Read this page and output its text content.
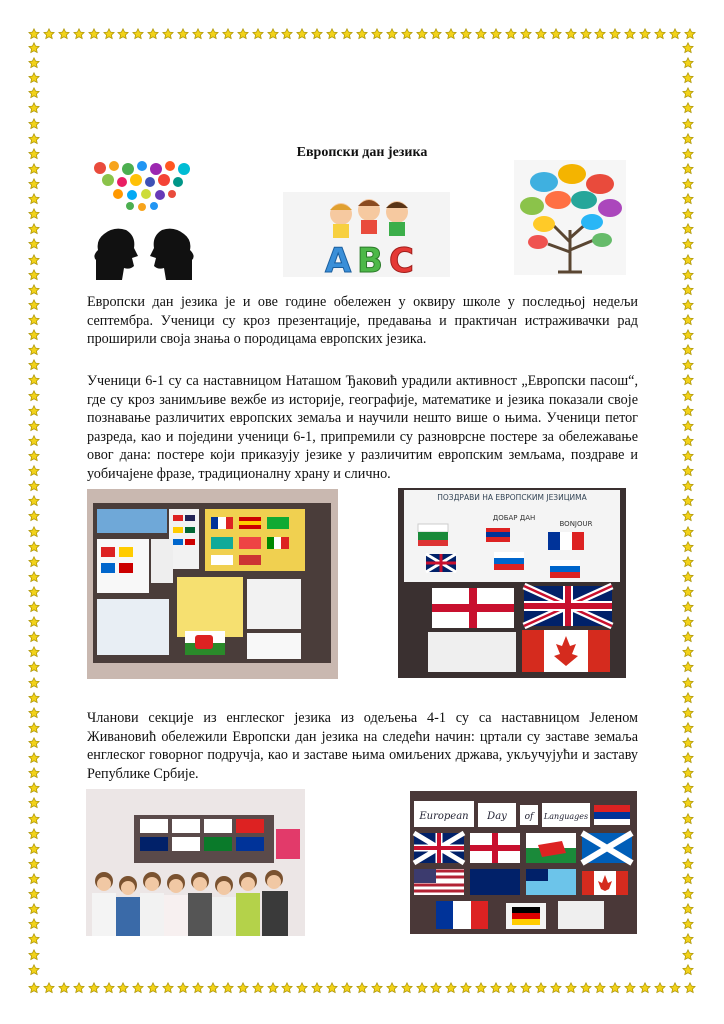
Европски дан језика
A B C

Европски дан језика је и ове године обележен у оквиру школе у последњој недељи септембра. Ученици су кроз презентације, предавања и практичан истраживачки рад проширили своја знања о породицама европских језика.

Ученици 6-1 су са наставницом Наташом Ђаковић урадили активност „Европски пасош“, где су кроз занимљиве вежбе из историје, географије, математике и језика показали своје познавање различитих европских земаља и научили нешто више о њима. Ученици петог разреда, као и поједини ученици 6-1, припремили су разноврсне постере за обележавање овог дана: постере који приказују језике у различитим европским земљама, поздраве и уобичајене фразе, традиционалну храну и слично.

ПОЗДРАВИ НА ЕВРОПСКИМ ЈЕЗИЦИМА
ДОБАР ДАН
BONJOUR

Чланови секције из енглеског језика из одељења 4-1 су са наставницом Јеленом Живановић обележили Европски дан језика на следећи начин: цртали су заставе земаља енглеског говорног подручја, као и заставе њима омиљених држава, укључујући и заставу Републике Србије.

European Day of Languages
